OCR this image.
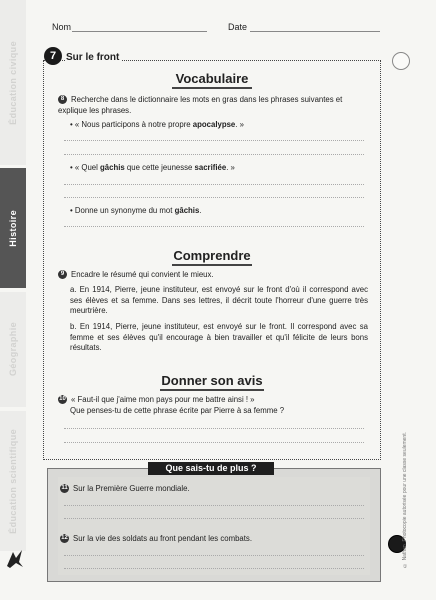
Éducation civique
Histoire
Géographie
Éducation scientifique
Nom	Date
7 Sur le front
Vocabulaire
8 Recherche dans le dictionnaire les mots en gras dans les phrases suivantes et explique les phrases.
• « Nous participons à notre propre apocalypse. »
• « Quel gâchis que cette jeunesse sacrifiée. »
• Donne un synonyme du mot gâchis.
Comprendre
9 Encadre le résumé qui convient le mieux.
a. En 1914, Pierre, jeune instituteur, est envoyé sur le front d'où il correspond avec ses élèves et sa femme. Dans ses lettres, il décrit toute l'horreur d'une guerre très meurtrière.
b. En 1914, Pierre, jeune instituteur, est envoyé sur le front. Il correspond avec sa femme et ses élèves qu'il encourage à bien travailler et qu'il félicite de leurs bons résultats.
Donner son avis
10 « Faut-il que j'aime mon pays pour me battre ainsi ! »
Que penses-tu de cette phrase écrite par Pierre à sa femme ?
Que sais-tu de plus ?
11 Sur la Première Guerre mondiale.
12 Sur la vie des soldats au front pendant les combats.	© Nathan. Photocopie autorisée pour une classe seulement.
